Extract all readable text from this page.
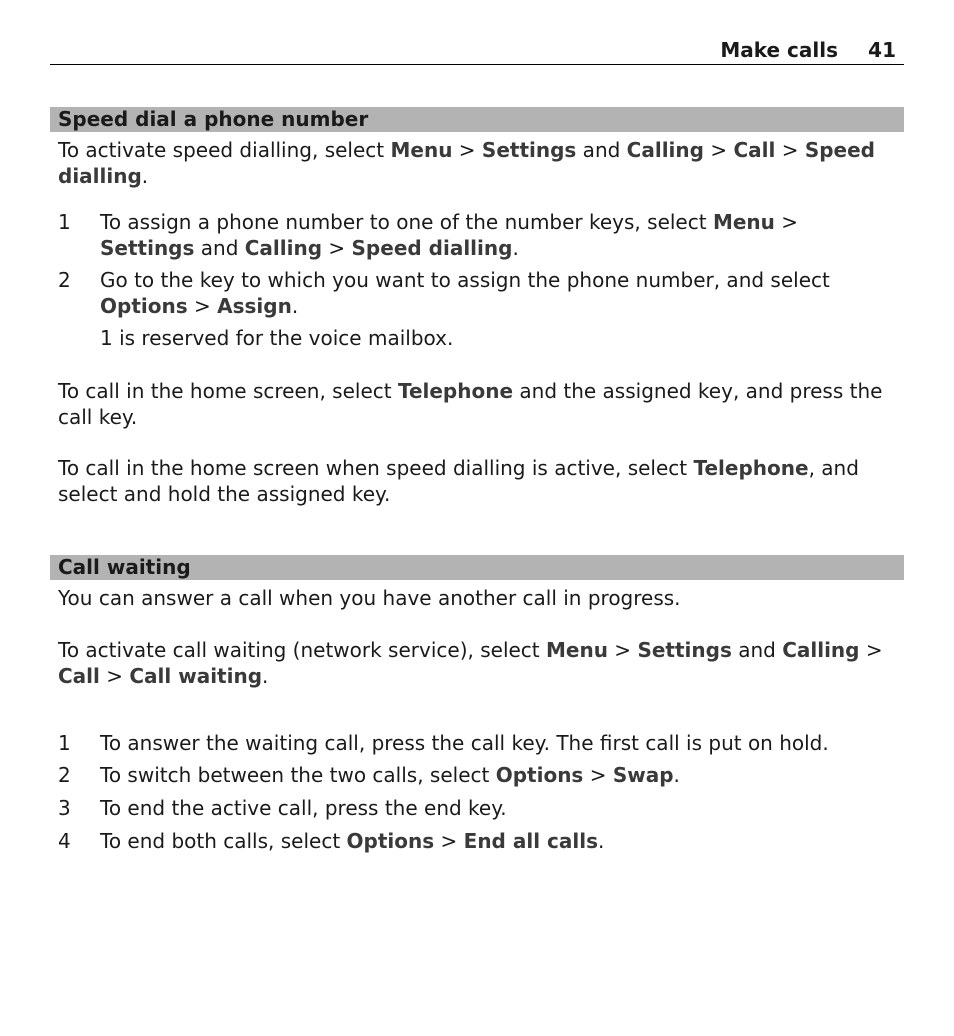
Make calls 41
Speed dial a phone number
To activate speed dialling, select Menu > Settings and Calling > Call > Speed dialling.
1	To assign a phone number to one of the number keys, select Menu > Settings and Calling > Speed dialling.
2	Go to the key to which you want to assign the phone number, and select Options > Assign.
1 is reserved for the voice mailbox.
To call in the home screen, select Telephone and the assigned key, and press the call key.
To call in the home screen when speed dialling is active, select Telephone, and select and hold the assigned key.
Call waiting
You can answer a call when you have another call in progress.
To activate call waiting (network service), select Menu > Settings and Calling > Call > Call waiting.
1	To answer the waiting call, press the call key. The first call is put on hold.
2	To switch between the two calls, select Options > Swap.
3	To end the active call, press the end key.
4	To end both calls, select Options > End all calls.
